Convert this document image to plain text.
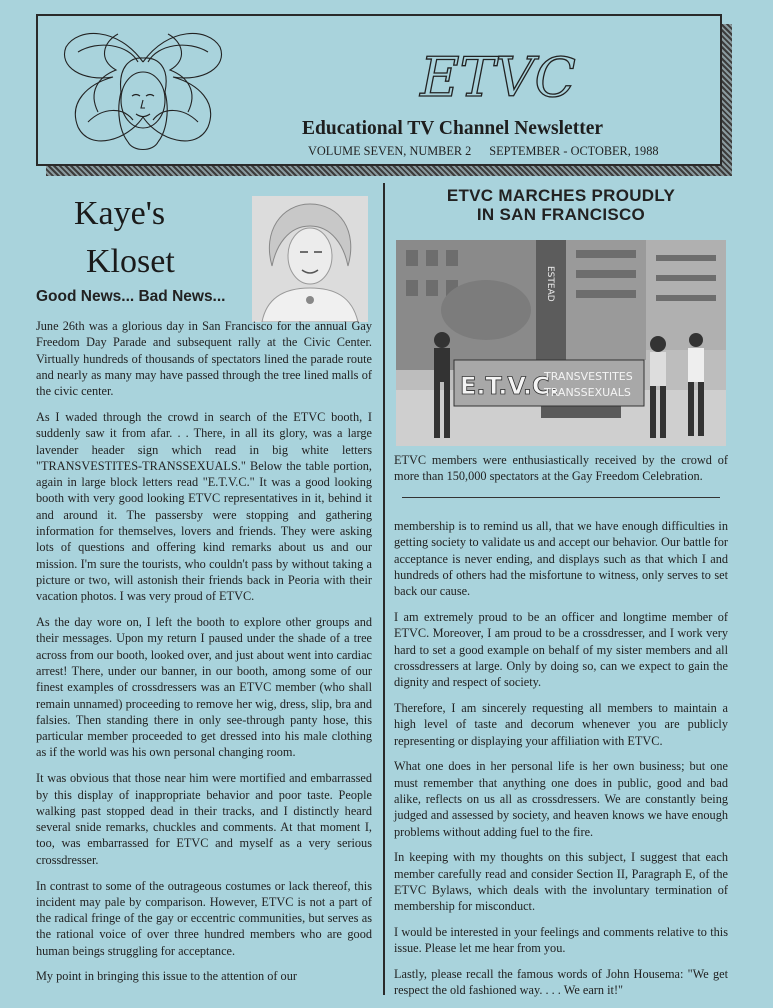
ETVC
Educational TV Channel Newsletter
VOLUME SEVEN, NUMBER 2 SEPTEMBER - OCTOBER, 1988
Kaye's
Kloset
Good News... Bad News...

June 26th was a glorious day in San Francisco for the annual Gay Freedom Day Parade and subsequent rally at the Civic Center. Virtually hundreds of thousands of spectators lined the parade route and nearly as many may have passed through the tree lined malls of the civic center.

As I waded through the crowd in search of the ETVC booth, I suddenly saw it from afar. . . There, in all its glory, was a large lavender header sign which read in big white letters "TRANSVESTITES-TRANSSEXUALS." Below the table portion, again in large block letters read "E.T.V.C." It was a good looking booth with very good looking ETVC representatives in it, behind it and around it. The passersby were stopping and gathering information for themselves, lovers and friends. They were asking lots of questions and offering kind remarks about us and our mission. I'm sure the tourists, who couldn't pass by without taking a picture or two, will astonish their friends back in Peoria with their vacation photos. I was very proud of ETVC.

As the day wore on, I left the booth to explore other groups and their messages. Upon my return I paused under the shade of a tree across from our booth, looked over, and just about went into cardiac arrest! There, under our banner, in our booth, among some of our finest examples of crossdressers was an ETVC member (who shall remain unnamed) proceeding to remove her wig, dress, slip, bra and falsies. Then standing there in only see-through panty hose, this particular member proceeded to get dressed into his male clothing as if the world was his own personal changing room.

It was obvious that those near him were mortified and embarrassed by this display of inappropriate behavior and poor taste. People walking past stopped dead in their tracks, and I distinctly heard several snide remarks, chuckles and comments. At that moment I, too, was embarrassed for ETVC and myself as a very serious crossdresser.

In contrast to some of the outrageous costumes or lack thereof, this incident may pale by comparison. However, ETVC is not a part of the radical fringe of the gay or eccentric communities, but serves as the rational voice of over three hundred members who are good human beings struggling for acceptance.

My point in bringing this issue to the attention of our

ETVC MARCHES PROUDLY
IN SAN FRANCISCO
ESTEAD
E.T.V.C.
TRANSVESTITES
TRANSSEXUALS
ETVC members were enthusiastically received by the crowd of more than 150,000 spectators at the Gay Freedom Celebration.

membership is to remind us all, that we have enough difficulties in getting society to validate us and accept our behavior. Our battle for acceptance is never ending, and displays such as that which I and hundreds of others had the misfortune to witness, only serves to set back our cause.

I am extremely proud to be an officer and longtime member of ETVC. Moreover, I am proud to be a crossdresser, and I work very hard to set a good example on behalf of my sister members and all crossdressers at large. Only by doing so, can we expect to gain the dignity and respect of society.

Therefore, I am sincerely requesting all members to maintain a high level of taste and decorum whenever you are publicly representing or displaying your affiliation with ETVC.

What one does in her personal life is her own business; but one must remember that anything one does in public, good and bad alike, reflects on us all as crossdressers. We are constantly being judged and assessed by society, and heaven knows we have enough problems without adding fuel to the fire.

In keeping with my thoughts on this subject, I suggest that each member carefully read and consider Section II, Paragraph E, of the ETVC Bylaws, which deals with the involuntary termination of membership for misconduct.

I would be interested in your feelings and comments relative to this issue. Please let me hear from you.

Lastly, please recall the famous words of John Housema: "We get respect the old fashioned way. . . . We earn it!"
